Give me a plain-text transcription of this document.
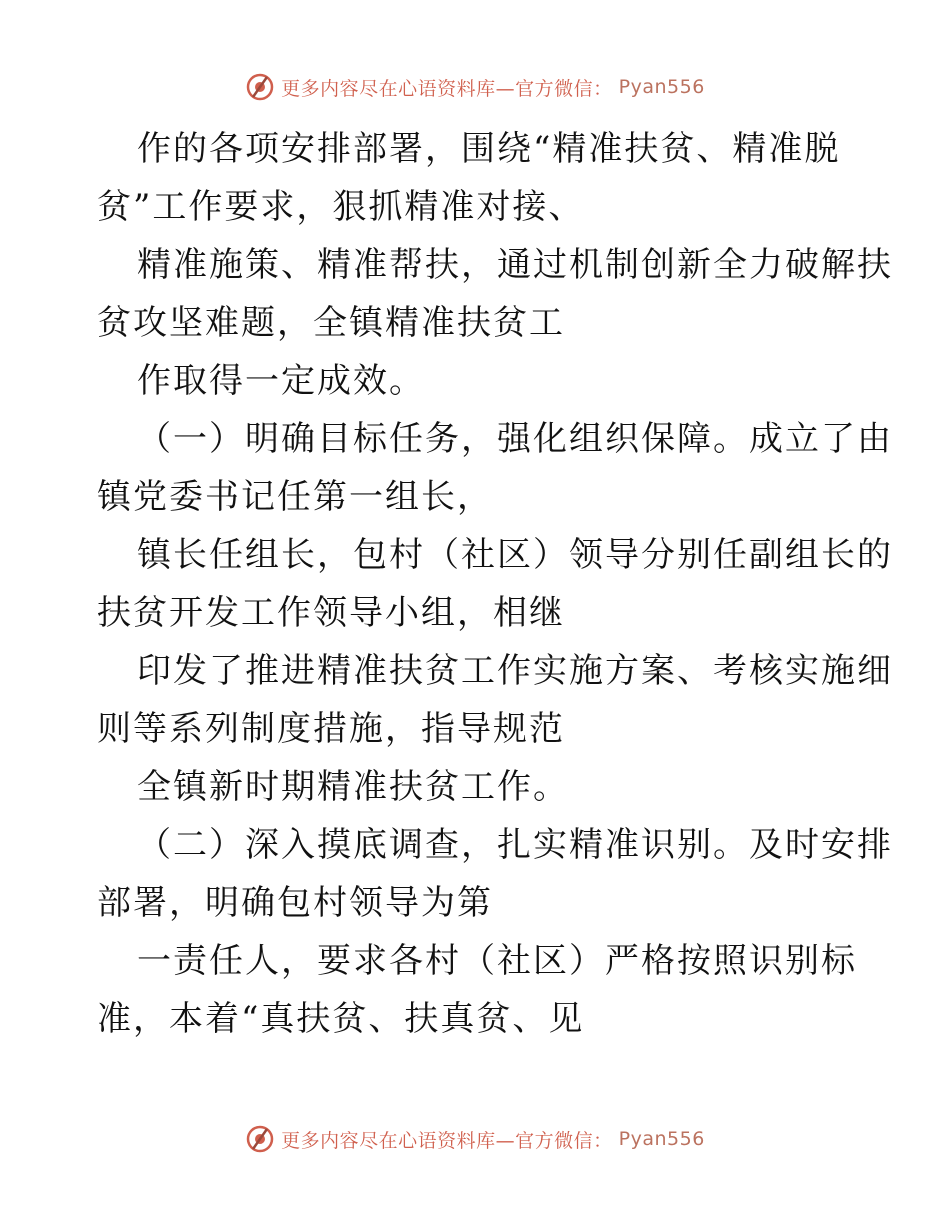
更多内容尽在心语资料库—官方微信： Pyan556

作的各项安排部署，围绕“精准扶贫、精准脱

贫”工作要求，狠抓精准对接、

精准施策、精准帮扶，通过机制创新全力破解扶

贫攻坚难题，全镇精准扶贫工

作取得一定成效。

（一）明确目标任务，强化组织保障。成立了由

镇党委书记任第一组长，

镇长任组长，包村（社区）领导分别任副组长的

扶贫开发工作领导小组，相继

印发了推进精准扶贫工作实施方案、考核实施细

则等系列制度措施，指导规范

全镇新时期精准扶贫工作。

（二）深入摸底调查，扎实精准识别。及时安排

部署，明确包村领导为第

一责任人，要求各村（社区）严格按照识别标

准，本着“真扶贫、扶真贫、见

更多内容尽在心语资料库—官方微信： Pyan556
